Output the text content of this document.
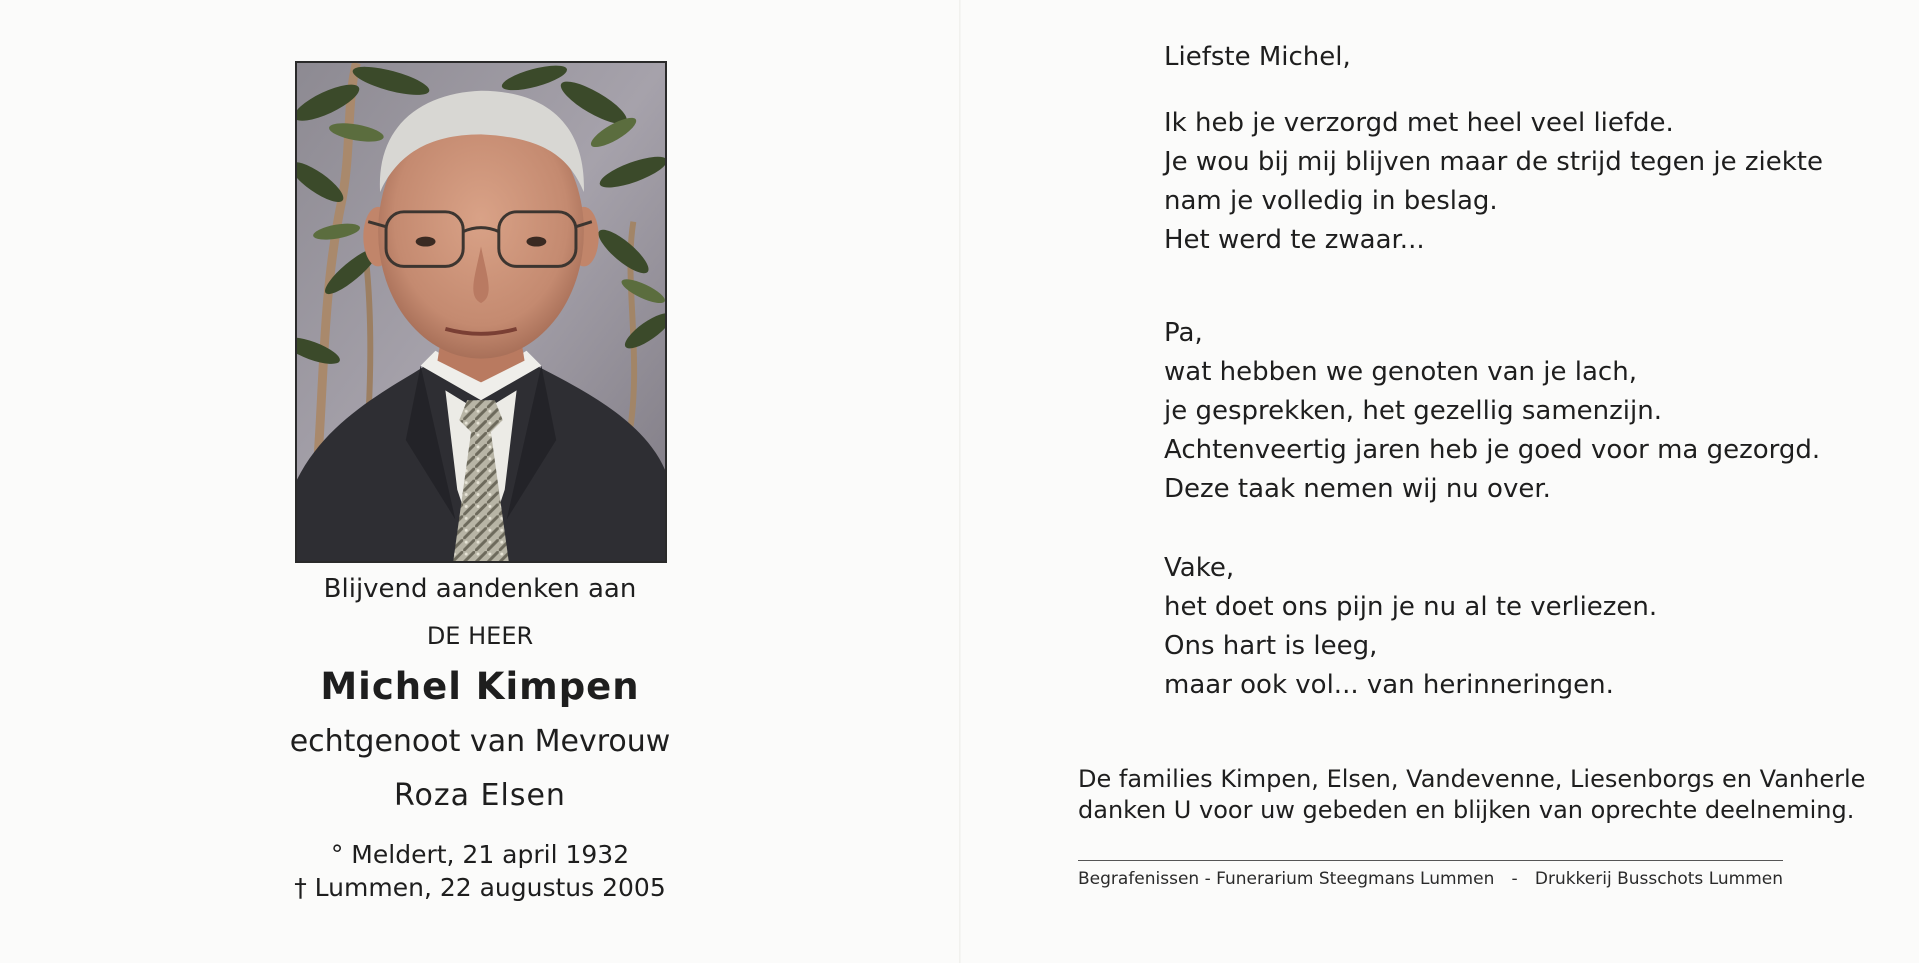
Blijvend aandenken aan
DE HEER
Michel Kimpen
echtgenoot van Mevrouw
Roza Elsen
° Meldert, 21 april 1932
† Lummen, 22 augustus 2005
Liefste Michel,
Ik heb je verzorgd met heel veel liefde.
Je wou bij mij blijven maar de strijd tegen je ziekte
nam je volledig in beslag.
Het werd te zwaar...
Pa,
wat hebben we genoten van je lach,
je gesprekken, het gezellig samenzijn.
Achtenveertig jaren heb je goed voor ma gezorgd.
Deze taak nemen wij nu over.
Vake,
het doet ons pijn je nu al te verliezen.
Ons hart is leeg,
maar ook vol... van herinneringen.
De families Kimpen, Elsen, Vandevenne, Liesenborgs en Vanherle
danken U voor uw gebeden en blijken van oprechte deelneming.
Begrafenissen - Funerarium Steegmans Lummen - Drukkerij Busschots Lummen
